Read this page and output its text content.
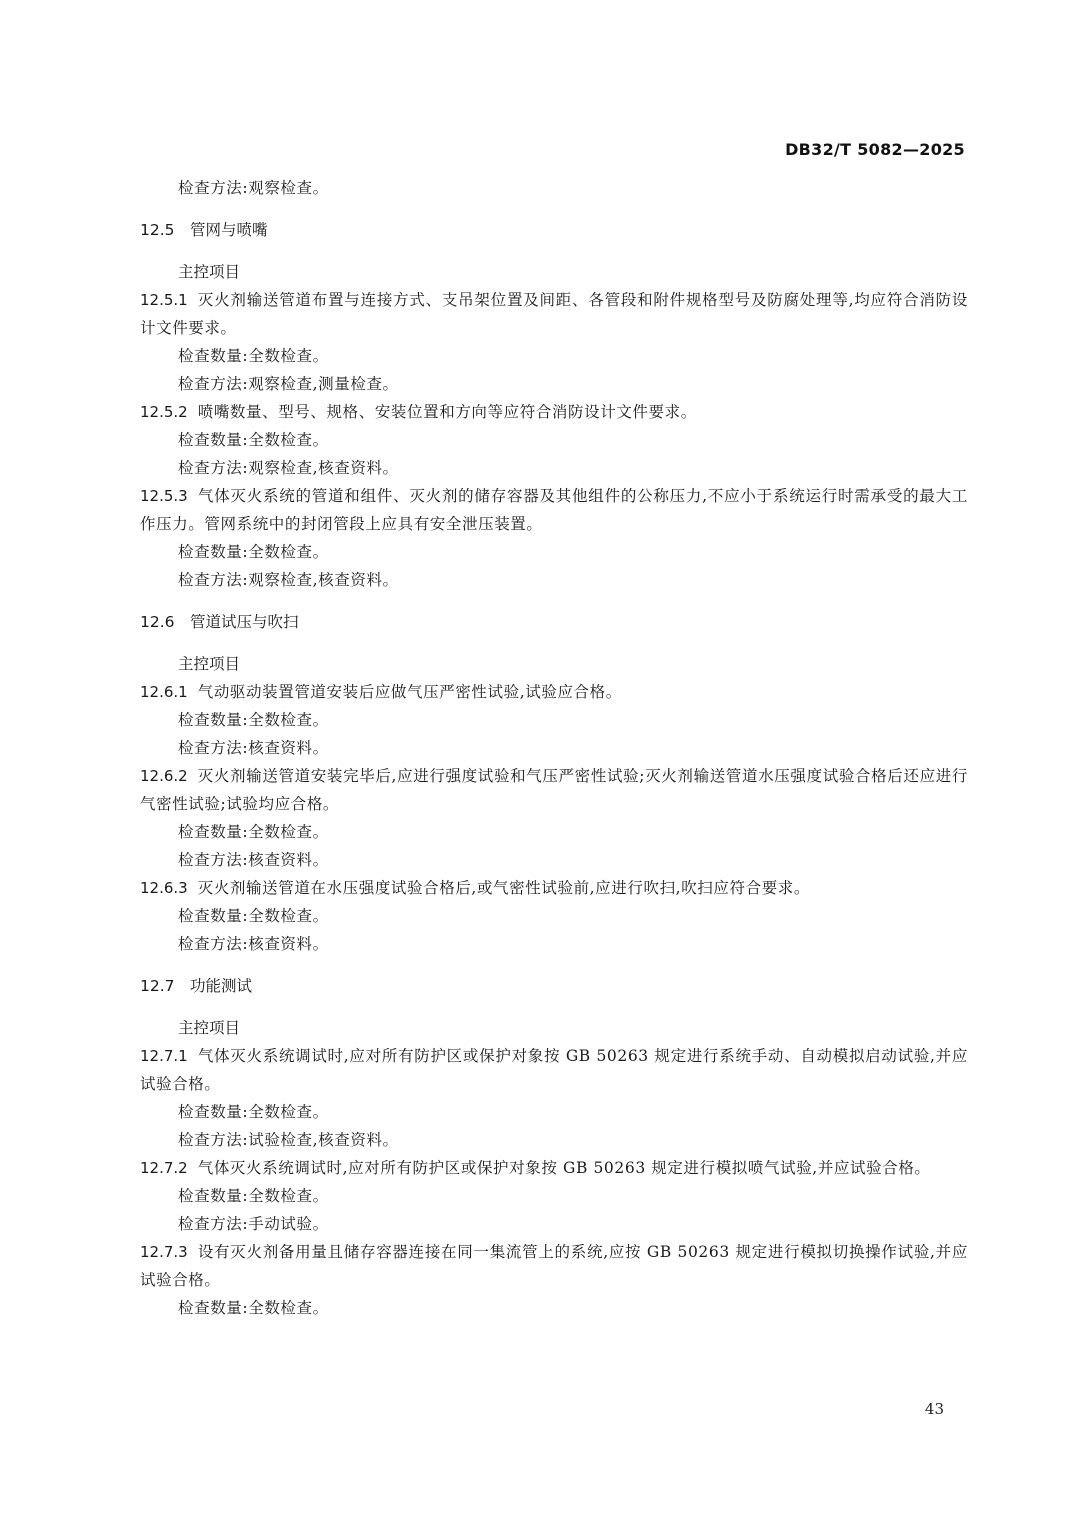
DB32/T 5082—2025

检查方法:观察检查。

12.5 管网与喷嘴

主控项目

12.5.1 灭火剂输送管道布置与连接方式、支吊架位置及间距、各管段和附件规格型号及防腐处理等,均应符合消防设计文件要求。

检查数量:全数检查。

检查方法:观察检查,测量检查。

12.5.2 喷嘴数量、型号、规格、安装位置和方向等应符合消防设计文件要求。

检查数量:全数检查。

检查方法:观察检查,核查资料。

12.5.3 气体灭火系统的管道和组件、灭火剂的储存容器及其他组件的公称压力,不应小于系统运行时需承受的最大工作压力。管网系统中的封闭管段上应具有安全泄压装置。

检查数量:全数检查。

检查方法:观察检查,核查资料。

12.6 管道试压与吹扫

主控项目

12.6.1 气动驱动装置管道安装后应做气压严密性试验,试验应合格。

检查数量:全数检查。

检查方法:核查资料。

12.6.2 灭火剂输送管道安装完毕后,应进行强度试验和气压严密性试验;灭火剂输送管道水压强度试验合格后还应进行气密性试验;试验均应合格。

检查数量:全数检查。

检查方法:核查资料。

12.6.3 灭火剂输送管道在水压强度试验合格后,或气密性试验前,应进行吹扫,吹扫应符合要求。

检查数量:全数检查。

检查方法:核查资料。

12.7 功能测试

主控项目

12.7.1 气体灭火系统调试时,应对所有防护区或保护对象按 GB 50263 规定进行系统手动、自动模拟启动试验,并应试验合格。

检查数量:全数检查。

检查方法:试验检查,核查资料。

12.7.2 气体灭火系统调试时,应对所有防护区或保护对象按 GB 50263 规定进行模拟喷气试验,并应试验合格。

检查数量:全数检查。

检查方法:手动试验。

12.7.3 设有灭火剂备用量且储存容器连接在同一集流管上的系统,应按 GB 50263 规定进行模拟切换操作试验,并应试验合格。

检查数量:全数检查。

43
